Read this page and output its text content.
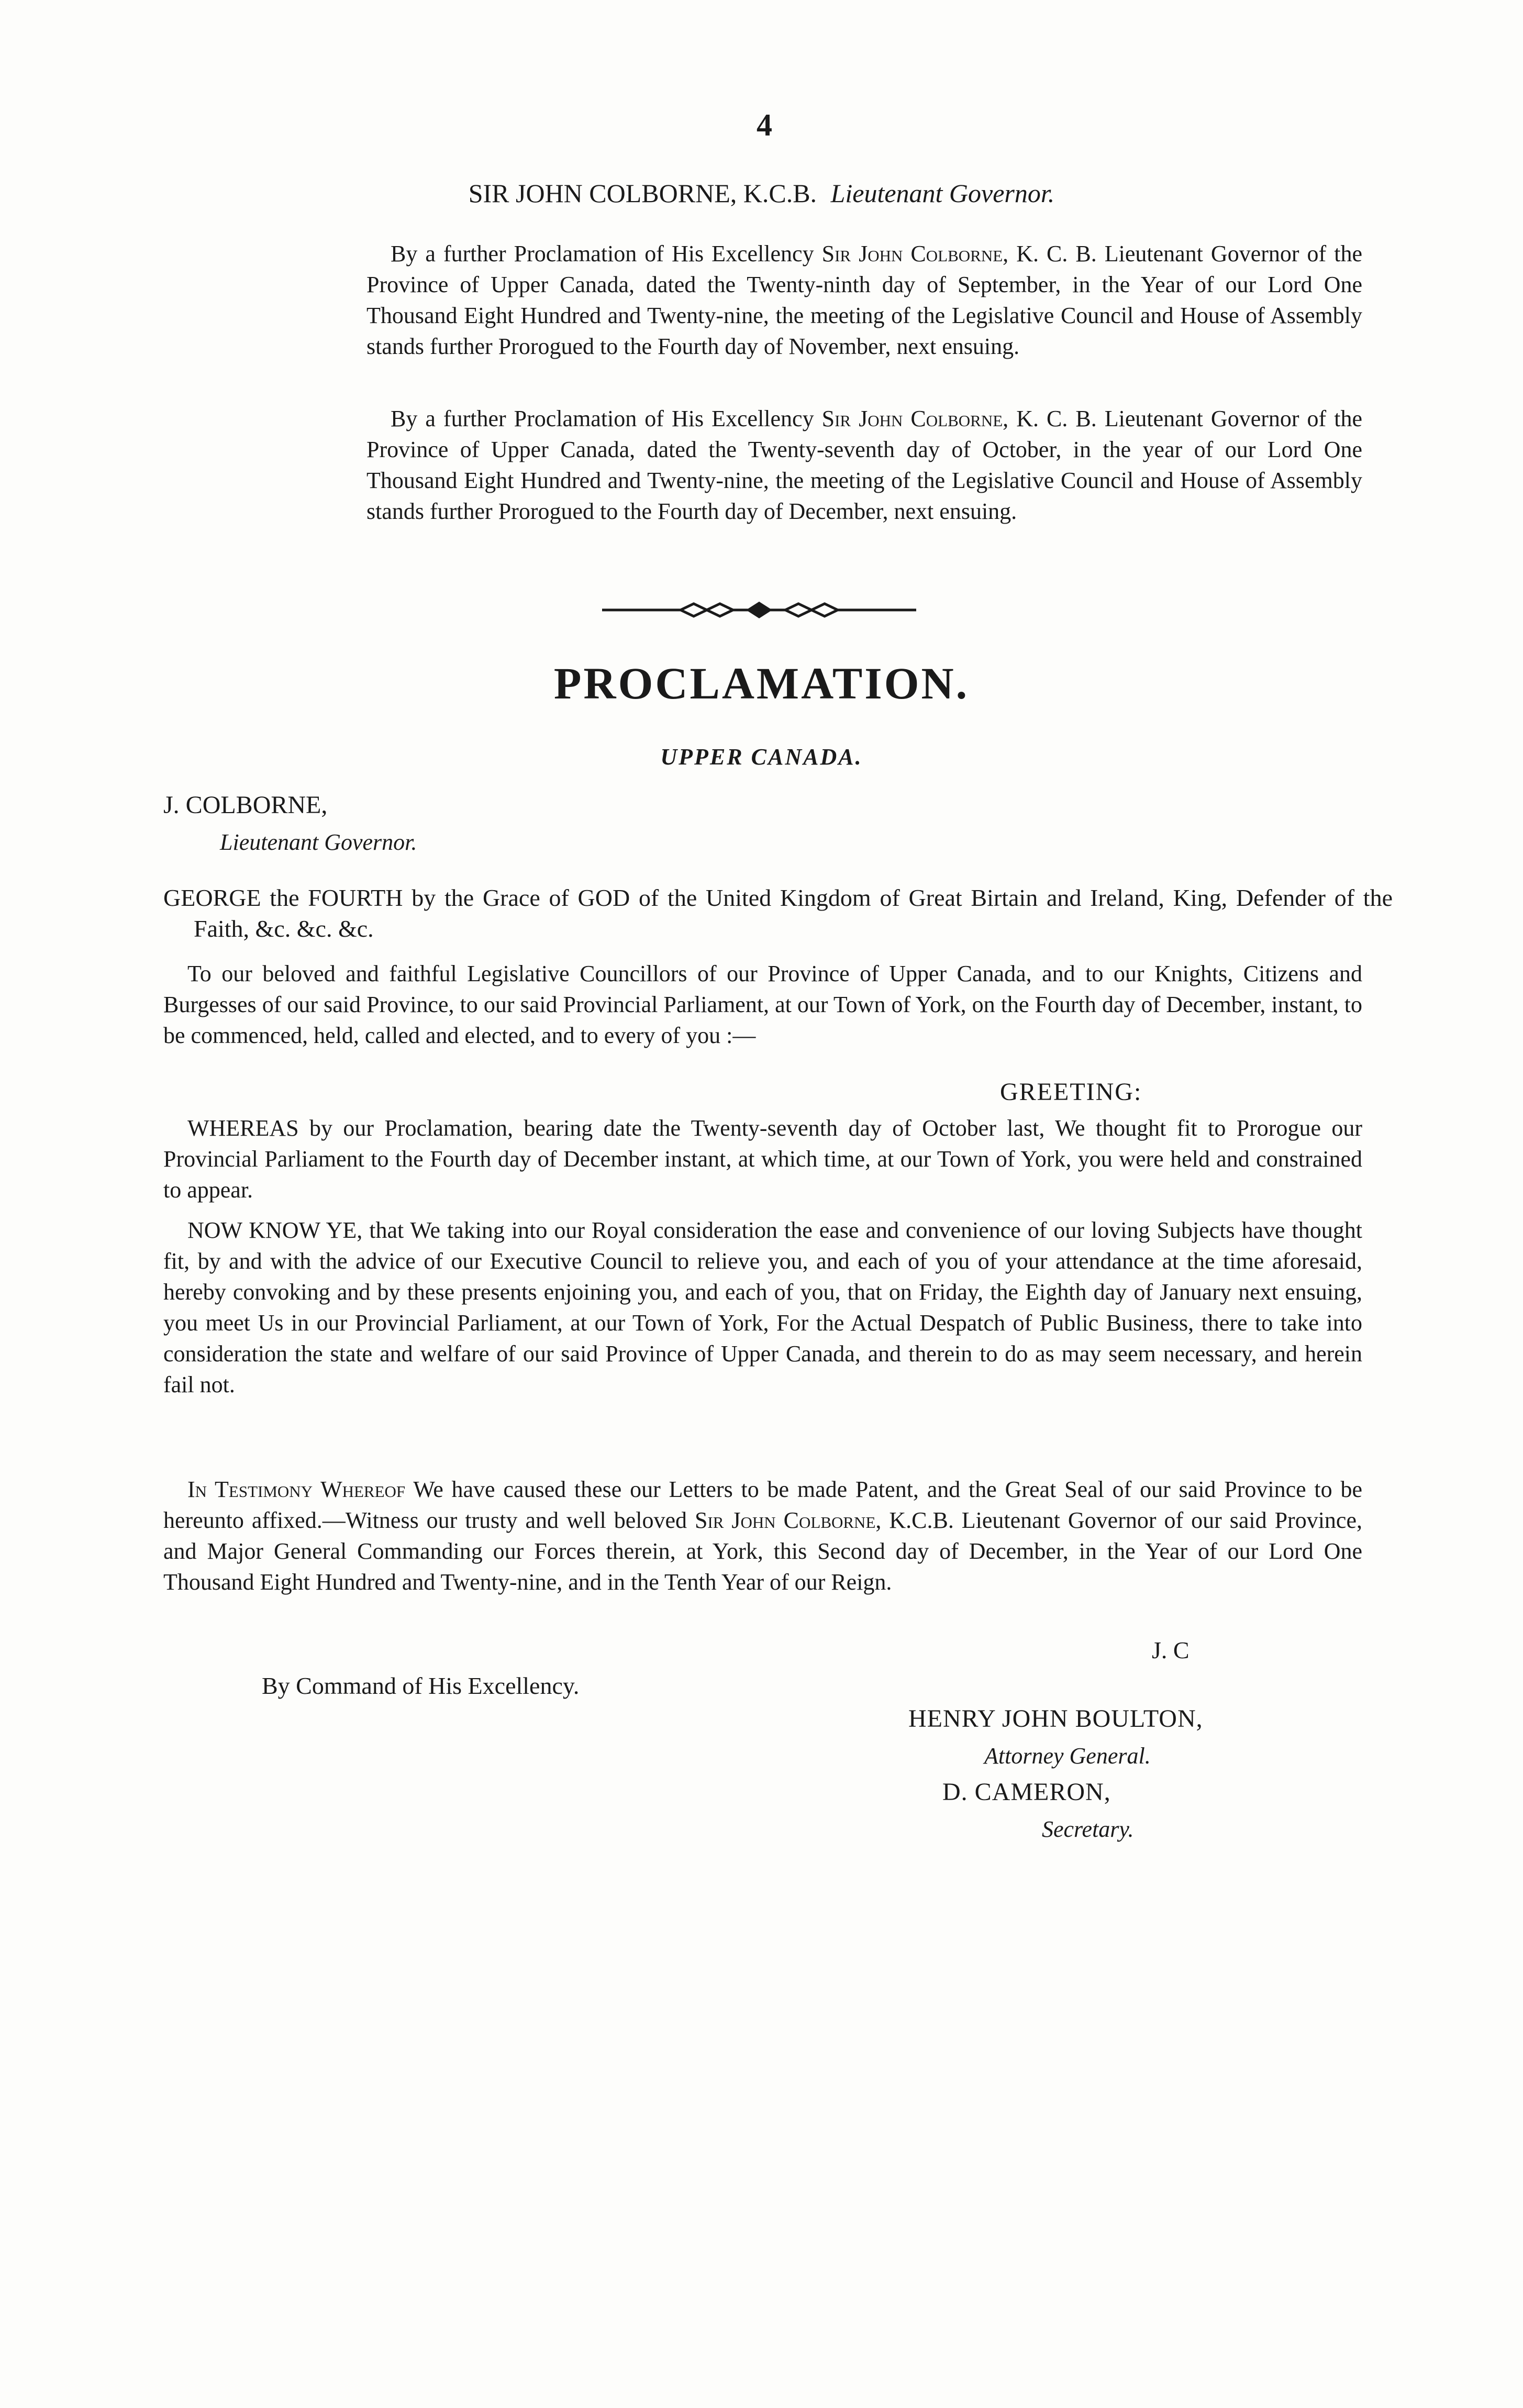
4
SIR JOHN COLBORNE, K.C.B. Lieutenant Governor.
By a further Proclamation of His Excellency Sir John Colborne, K. C. B. Lieutenant Governor of the Province of Upper Canada, dated the Twenty-ninth day of September, in the Year of our Lord One Thousand Eight Hundred and Twenty-nine, the meeting of the Legislative Council and House of Assembly stands further Prorogued to the Fourth day of November, next ensuing.
By a further Proclamation of His Excellency Sir John Colborne, K. C. B. Lieutenant Governor of the Province of Upper Canada, dated the Twenty-seventh day of October, in the year of our Lord One Thousand Eight Hundred and Twenty-nine, the meeting of the Legislative Council and House of Assembly stands further Prorogued to the Fourth day of December, next ensuing.
PROCLAMATION.
UPPER CANADA.
J. COLBORNE,
Lieutenant Governor.
GEORGE the FOURTH by the Grace of GOD of the United Kingdom of Great Birtain and Ireland, King, Defender of the Faith, &c. &c. &c.
To our beloved and faithful Legislative Councillors of our Province of Upper Canada, and to our Knights, Citizens and Burgesses of our said Province, to our said Provincial Parliament, at our Town of York, on the Fourth day of December, instant, to be commenced, held, called and elected, and to every of you :—
GREETING:
WHEREAS by our Proclamation, bearing date the Twenty-seventh day of October last, We thought fit to Prorogue our Provincial Parliament to the Fourth day of December instant, at which time, at our Town of York, you were held and constrained to appear.
NOW KNOW YE, that We taking into our Royal consideration the ease and convenience of our loving Subjects have thought fit, by and with the advice of our Executive Council to relieve you, and each of you of your attendance at the time aforesaid, hereby convoking and by these presents enjoining you, and each of you, that on Friday, the Eighth day of January next ensuing, you meet Us in our Provincial Parliament, at our Town of York, For the Actual Despatch of Public Business, there to take into consideration the state and welfare of our said Province of Upper Canada, and therein to do as may seem necessary, and herein fail not.
In Testimony Whereof We have caused these our Letters to be made Patent, and the Great Seal of our said Province to be hereunto affixed.—Witness our trusty and well beloved Sir John Colborne, K.C.B. Lieutenant Governor of our said Province, and Major General Commanding our Forces therein, at York, this Second day of December, in the Year of our Lord One Thousand Eight Hundred and Twenty-nine, and in the Tenth Year of our Reign.
J. C
By Command of His Excellency.
HENRY JOHN BOULTON,
Attorney General.
D. CAMERON,
Secretary.
